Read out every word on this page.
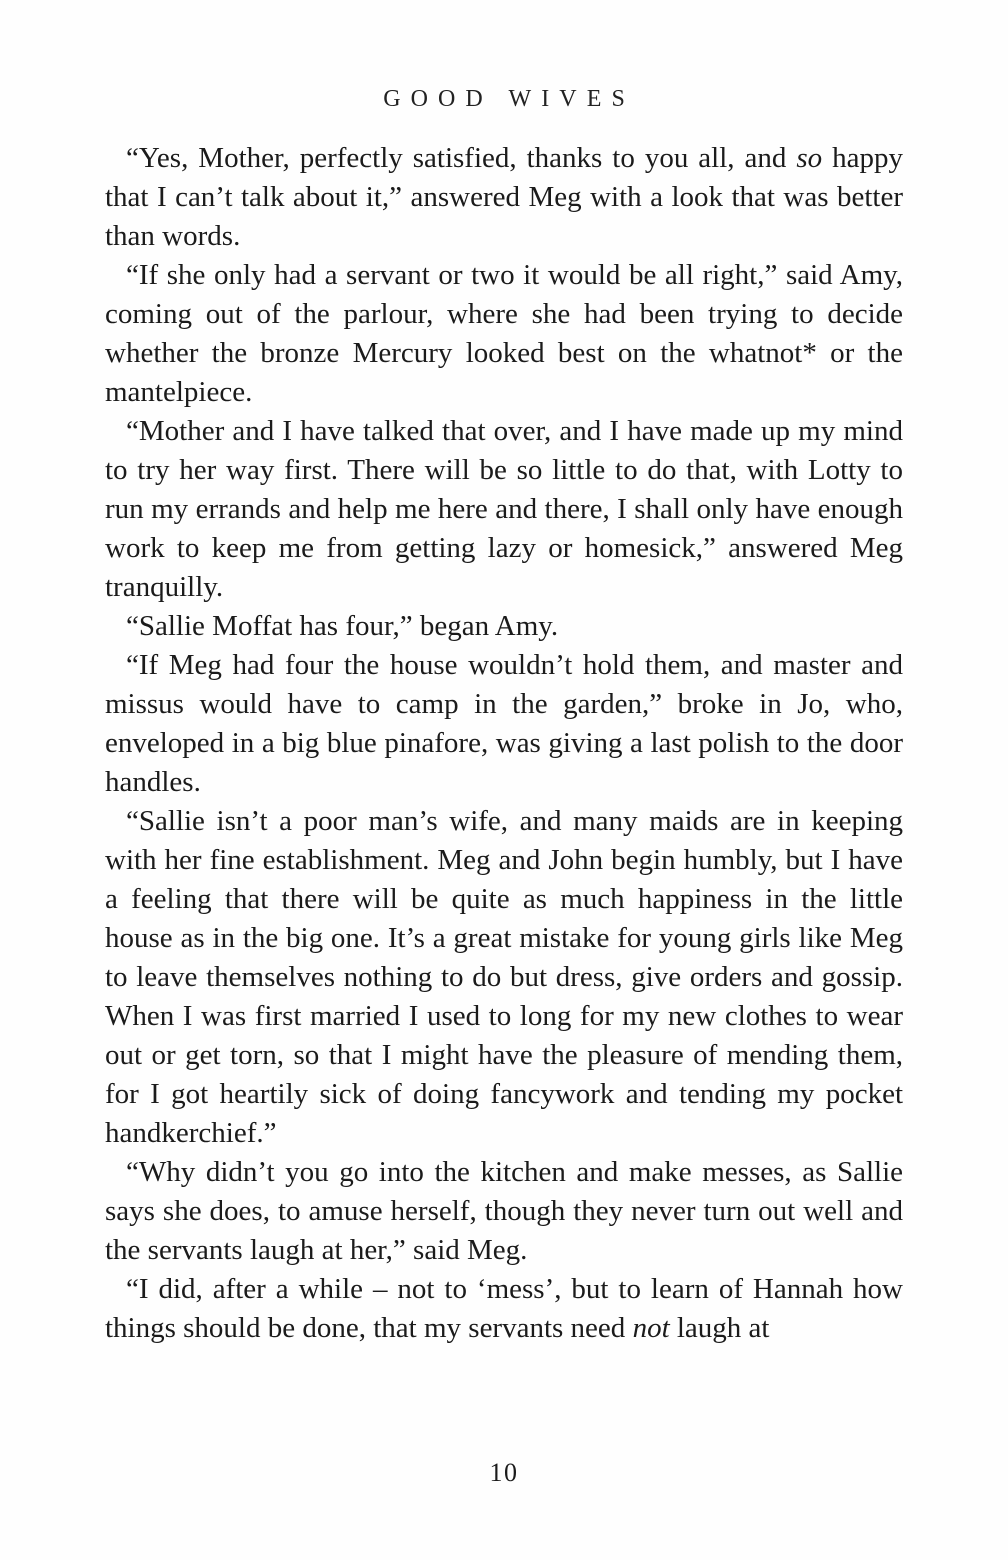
GOOD WIVES

“Yes, Mother, perfectly satisfied, thanks to you all, and so happy that I can’t talk about it,” answered Meg with a look that was better than words.

“If she only had a servant or two it would be all right,” said Amy, coming out of the parlour, where she had been trying to decide whether the bronze Mercury looked best on the whatnot* or the mantelpiece.

“Mother and I have talked that over, and I have made up my mind to try her way first. There will be so little to do that, with Lotty to run my errands and help me here and there, I shall only have enough work to keep me from getting lazy or homesick,” answered Meg tranquilly.

“Sallie Moffat has four,” began Amy.

“If Meg had four the house wouldn’t hold them, and master and missus would have to camp in the garden,” broke in Jo, who, enveloped in a big blue pinafore, was giving a last polish to the door handles.

“Sallie isn’t a poor man’s wife, and many maids are in keeping with her fine establishment. Meg and John begin humbly, but I have a feeling that there will be quite as much happiness in the little house as in the big one. It’s a great mistake for young girls like Meg to leave themselves nothing to do but dress, give orders and gossip. When I was first married I used to long for my new clothes to wear out or get torn, so that I might have the pleasure of mending them, for I got heartily sick of doing fancywork and tending my pocket handkerchief.”

“Why didn’t you go into the kitchen and make messes, as Sallie says she does, to amuse herself, though they never turn out well and the servants laugh at her,” said Meg.

“I did, after a while – not to ‘mess’, but to learn of Hannah how things should be done, that my servants need not laugh at

10
